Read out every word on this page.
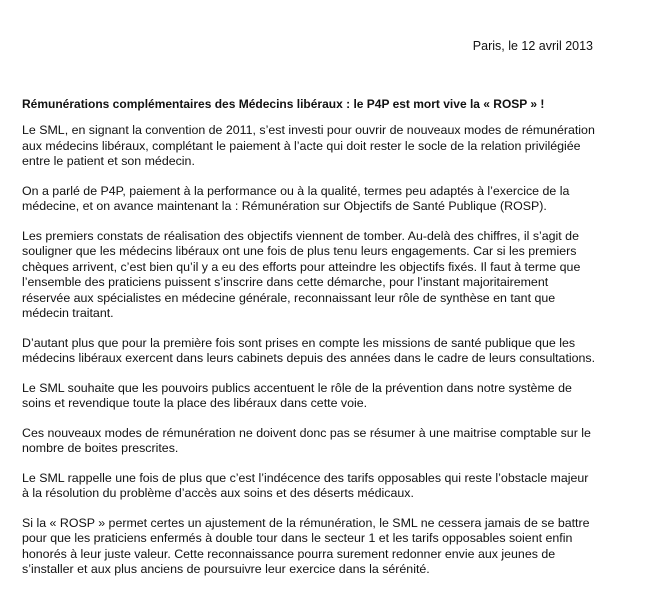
Paris, le 12 avril 2013
Rémunérations complémentaires des Médecins libéraux : le P4P est mort vive la « ROSP » !

Le SML, en signant la convention de 2011, s’est investi pour ouvrir de nouveaux modes de rémunération
aux médecins libéraux, complétant le paiement à l’acte qui doit rester le socle de la relation privilégiée
entre le patient et son médecin.

On a parlé de P4P, paiement à la performance ou à la qualité, termes peu adaptés à l’exercice de la
médecine, et on avance maintenant la : Rémunération sur Objectifs de Santé Publique (ROSP).

Les premiers constats de réalisation des objectifs viennent de tomber. Au-delà des chiffres, il s’agit de
souligner que les médecins libéraux ont une fois de plus tenu leurs engagements. Car si les premiers
chèques arrivent, c’est bien qu’il y a eu des efforts pour atteindre les objectifs fixés. Il faut à terme que
l’ensemble des praticiens puissent s’inscrire dans cette démarche, pour l’instant majoritairement
réservée aux spécialistes en médecine générale, reconnaissant leur rôle de synthèse en tant que
médecin traitant.

D’autant plus que pour la première fois sont prises en compte les missions de santé publique que les
médecins libéraux exercent dans leurs cabinets depuis des années dans le cadre de leurs consultations.

Le SML souhaite que les pouvoirs publics accentuent le rôle de la prévention dans notre système de
soins et revendique toute la place des libéraux dans cette voie.

Ces nouveaux modes de rémunération ne doivent donc pas se résumer à une maitrise comptable sur le
nombre de boites prescrites.

Le SML rappelle une fois de plus que c’est l’indécence des tarifs opposables qui reste l’obstacle majeur
à la résolution du problème d’accès aux soins et des déserts médicaux.

Si la « ROSP » permet certes un ajustement de la rémunération, le SML ne cessera jamais de se battre
pour que les praticiens enfermés à double tour dans le secteur 1 et les tarifs opposables soient enfin
honorés à leur juste valeur. Cette reconnaissance pourra surement redonner envie aux jeunes de
s’installer et aux plus anciens de poursuivre leur exercice dans la sérénité.
